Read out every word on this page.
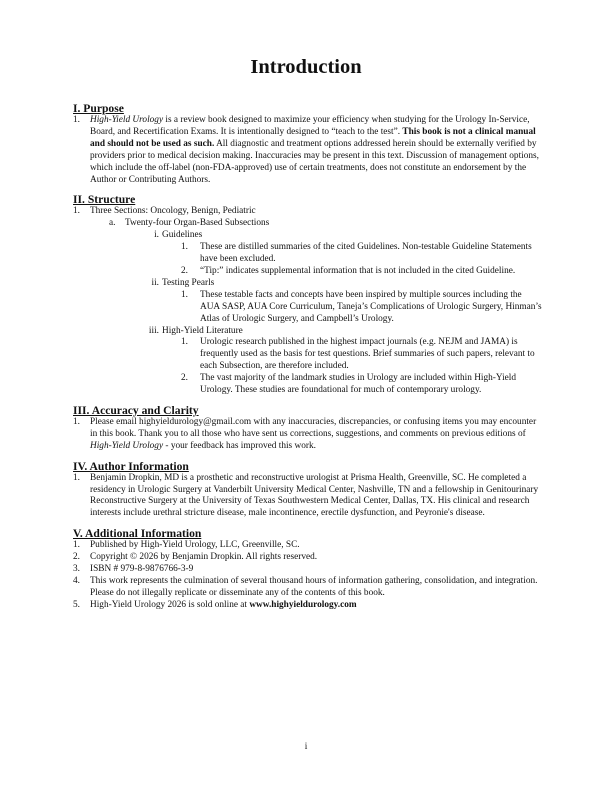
Introduction
I. Purpose
1. High-Yield Urology is a review book designed to maximize your efficiency when studying for the Urology In-Service, Board, and Recertification Exams. It is intentionally designed to “teach to the test”. This book is not a clinical manual and should not be used as such. All diagnostic and treatment options addressed herein should be externally verified by providers prior to medical decision making. Inaccuracies may be present in this text. Discussion of management options, which include the off-label (non-FDA-approved) use of certain treatments, does not constitute an endorsement by the Author or Contributing Authors.
II. Structure
1. Three Sections: Oncology, Benign, Pediatric
a. Twenty-four Organ-Based Subsections
i. Guidelines
1. These are distilled summaries of the cited Guidelines. Non-testable Guideline Statements have been excluded.
2. “Tip:” indicates supplemental information that is not included in the cited Guideline.
ii. Testing Pearls
1. These testable facts and concepts have been inspired by multiple sources including the AUA SASP, AUA Core Curriculum, Taneja’s Complications of Urologic Surgery, Hinman’s Atlas of Urologic Surgery, and Campbell’s Urology.
iii. High-Yield Literature
1. Urologic research published in the highest impact journals (e.g. NEJM and JAMA) is frequently used as the basis for test questions. Brief summaries of such papers, relevant to each Subsection, are therefore included.
2. The vast majority of the landmark studies in Urology are included within High-Yield Urology. These studies are foundational for much of contemporary urology.
III. Accuracy and Clarity
1. Please email highyieldurology@gmail.com with any inaccuracies, discrepancies, or confusing items you may encounter in this book. Thank you to all those who have sent us corrections, suggestions, and comments on previous editions of High-Yield Urology - your feedback has improved this work.
IV. Author Information
1. Benjamin Dropkin, MD is a prosthetic and reconstructive urologist at Prisma Health, Greenville, SC. He completed a residency in Urologic Surgery at Vanderbilt University Medical Center, Nashville, TN and a fellowship in Genitourinary Reconstructive Surgery at the University of Texas Southwestern Medical Center, Dallas, TX. His clinical and research interests include urethral stricture disease, male incontinence, erectile dysfunction, and Peyronie's disease.
V. Additional Information
1. Published by High-Yield Urology, LLC, Greenville, SC.
2. Copyright © 2026 by Benjamin Dropkin. All rights reserved.
3. ISBN # 979-8-9876766-3-9
4. This work represents the culmination of several thousand hours of information gathering, consolidation, and integration. Please do not illegally replicate or disseminate any of the contents of this book.
5. High-Yield Urology 2026 is sold online at www.highyieldurology.com
i
